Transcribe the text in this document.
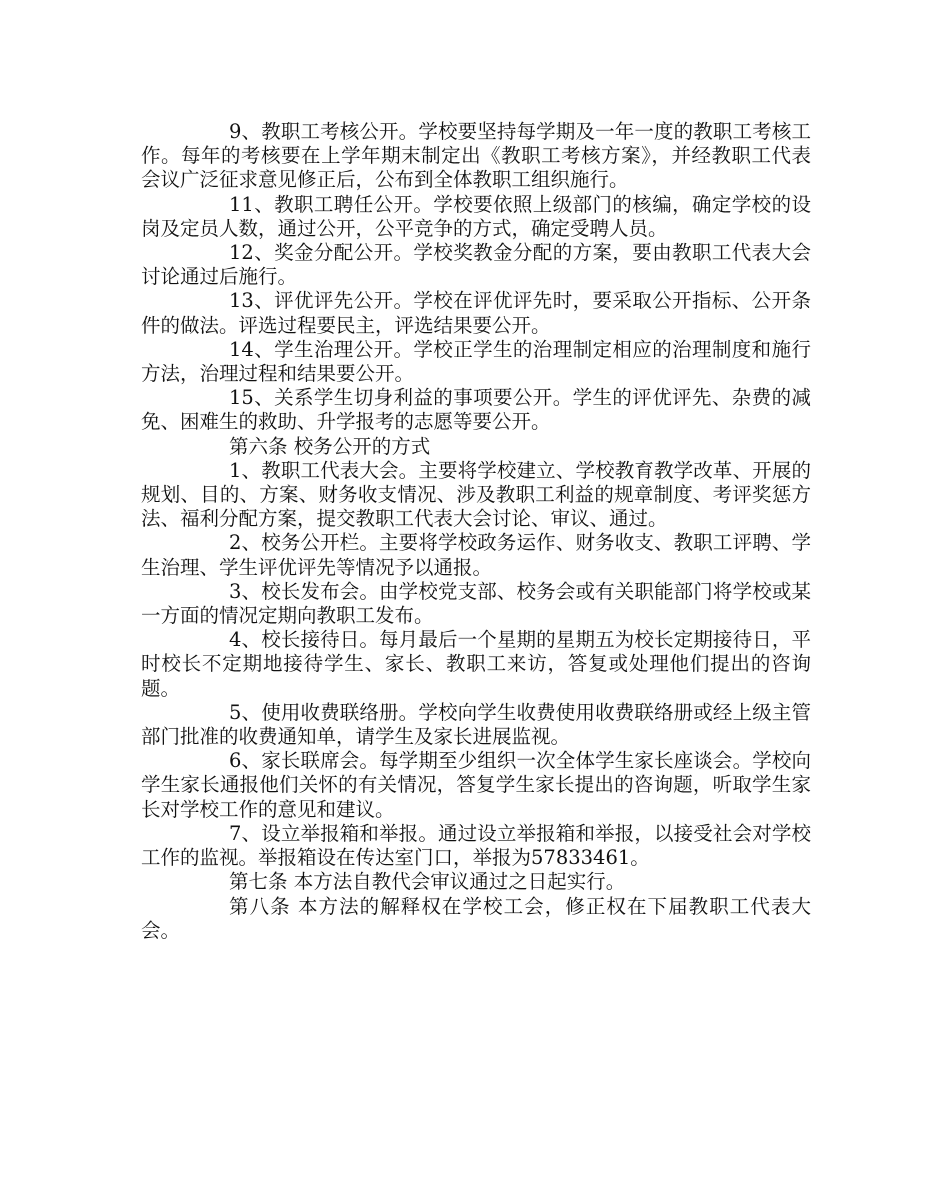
9、教职工考核公开。学校要坚持每学期及一年一度的教职工考核工作。每年的考核要在上学年期末制定出《教职工考核方案》，并经教职工代表会议广泛征求意见修正后，公布到全体教职工组织施行。

11、教职工聘任公开。学校要依照上级部门的核编，确定学校的设岗及定员人数，通过公开，公平竞争的方式，确定受聘人员。

12、奖金分配公开。学校奖教金分配的方案，要由教职工代表大会讨论通过后施行。

13、评优评先公开。学校在评优评先时，要采取公开指标、公开条件的做法。评选过程要民主，评选结果要公开。

14、学生治理公开。学校正学生的治理制定相应的治理制度和施行方法，治理过程和结果要公开。

15、关系学生切身利益的事项要公开。学生的评优评先、杂费的减免、困难生的救助、升学报考的志愿等要公开。

第六条 校务公开的方式

1、教职工代表大会。主要将学校建立、学校教育教学改革、开展的规划、目的、方案、财务收支情况、涉及教职工利益的规章制度、考评奖惩方法、福利分配方案，提交教职工代表大会讨论、审议、通过。

2、校务公开栏。主要将学校政务运作、财务收支、教职工评聘、学生治理、学生评优评先等情况予以通报。

3、校长发布会。由学校党支部、校务会或有关职能部门将学校或某一方面的情况定期向教职工发布。

4、校长接待日。每月最后一个星期的星期五为校长定期接待日，平时校长不定期地接待学生、家长、教职工来访，答复或处理他们提出的咨询题。

5、使用收费联络册。学校向学生收费使用收费联络册或经上级主管部门批准的收费通知单，请学生及家长进展监视。

6、家长联席会。每学期至少组织一次全体学生家长座谈会。学校向学生家长通报他们关怀的有关情况，答复学生家长提出的咨询题，听取学生家长对学校工作的意见和建议。

7、设立举报箱和举报。通过设立举报箱和举报，以接受社会对学校工作的监视。举报箱设在传达室门口，举报为57833461。

第七条 本方法自教代会审议通过之日起实行。

第八条 本方法的解释权在学校工会，修正权在下届教职工代表大会。
